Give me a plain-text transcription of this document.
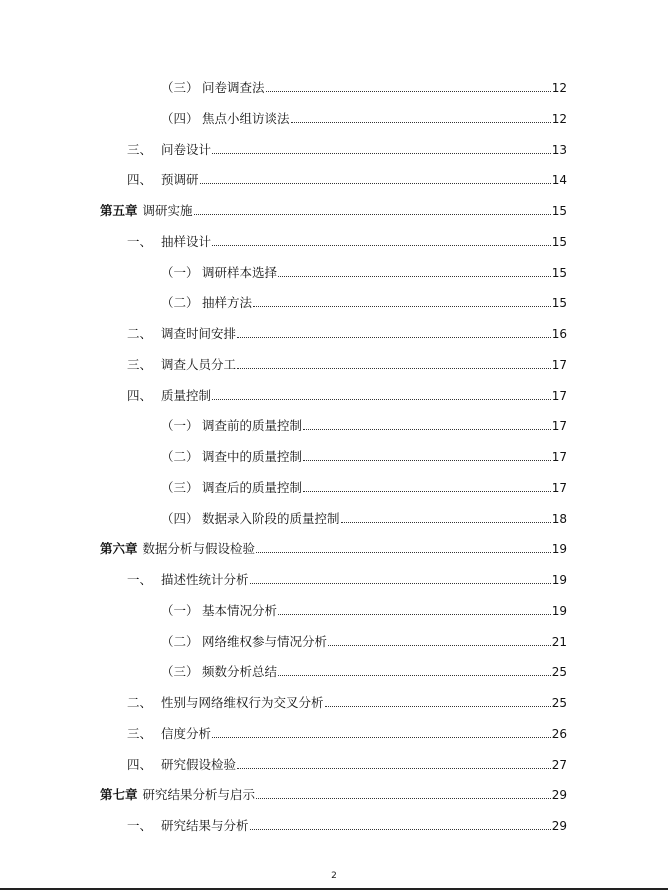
（三） 问卷调查法	12
（四） 焦点小组访谈法	12
三、 问卷设计	13
四、 预调研	14
第五章 调研实施	15
一、 抽样设计	15
（一） 调研样本选择	15
（二） 抽样方法	15
二、 调查时间安排	16
三、 调查人员分工	17
四、 质量控制	17
（一） 调查前的质量控制	17
（二） 调查中的质量控制	17
（三） 调查后的质量控制	17
（四） 数据录入阶段的质量控制	18
第六章 数据分析与假设检验	19
一、 描述性统计分析	19
（一） 基本情况分析	19
（二） 网络维权参与情况分析	21
（三） 频数分析总结	25
二、 性别与网络维权行为交叉分析	25
三、 信度分析	26
四、 研究假设检验	27
第七章 研究结果分析与启示	29
一、 研究结果与分析	29
2
